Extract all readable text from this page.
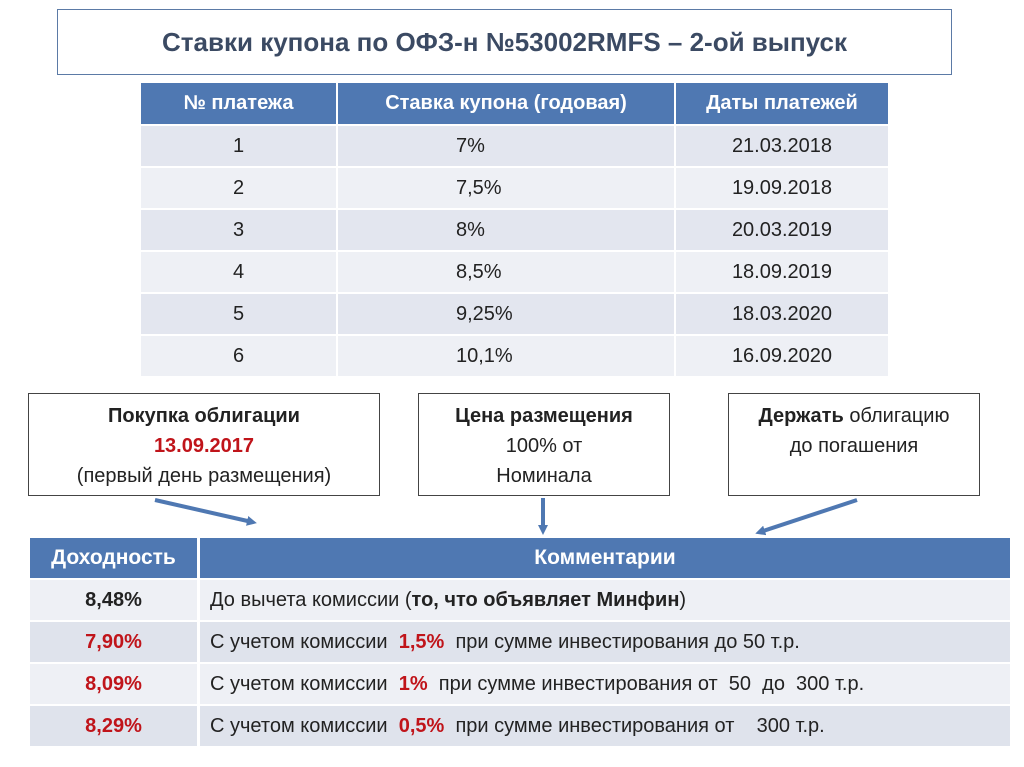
Ставки купона по ОФЗ-н №53002RMFS – 2-ой выпуск
№ платежа	Ставка купона (годовая)	Даты платежей
1	7%	21.03.2018
2	7,5%	19.09.2018
3	8%	20.03.2019
4	8,5%	18.09.2019
5	9,25%	18.03.2020
6	10,1%	16.09.2020
Покупка облигации
13.09.2017
(первый день размещения)
Цена размещения
100% от
Номинала
Держать облигацию
до погашения
Доходность	Комментарии
8,48%	До вычета комиссии (то, что объявляет Минфин)
7,90%	С учетом комиссии  1,5%  при сумме инвестирования до 50 т.р.
8,09%	С учетом комиссии  1%  при сумме инвестирования от  50  до  300 т.р.
8,29%	С учетом комиссии  0,5%  при сумме инвестирования от    300 т.р.
